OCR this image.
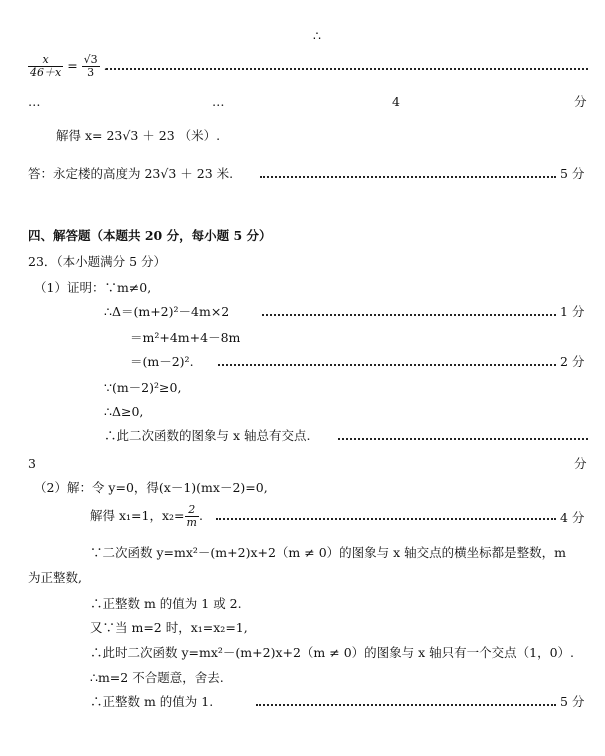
∴
$\frac{x}{46+x} = \frac{√3}{3}$ .
…	…	4	分
解得 x= 23√3 ＋ 23 （米）.
答：永定楼的高度为 23√3 ＋ 23 米.	5 分
四、解答题（本题共 20 分，每小题 5 分）
23．（本小题满分 5 分）
（1）证明：∵m≠0,
∴Δ＝(m+2)²－4m×2	1 分
＝m²+4m+4－8m
＝(m－2)².	2 分
∵(m－2)²≥0,
∴Δ≥0,
∴此二次函数的图象与 x 轴总有交点.
3	分
（2）解：令 y=0，得(x－1)(mx－2)=0,
解得 x₁=1，$x_2= \frac{2}{m}$ .	4 分
∵二次函数 y=mx²－(m+2)x+2（m ≠ 0）的图象与 x 轴交点的横坐标都是整数，m
为正整数,
∴正整数 m 的值为 1 或 2.
又∵当 m=2 时，x₁=x₂=1,
∴此时二次函数 y=mx²－(m+2)x+2（m ≠ 0）的图象与 x 轴只有一个交点（1，0）.
∴m=2 不合题意，舍去.
∴正整数 m 的值为 1.	5 分
